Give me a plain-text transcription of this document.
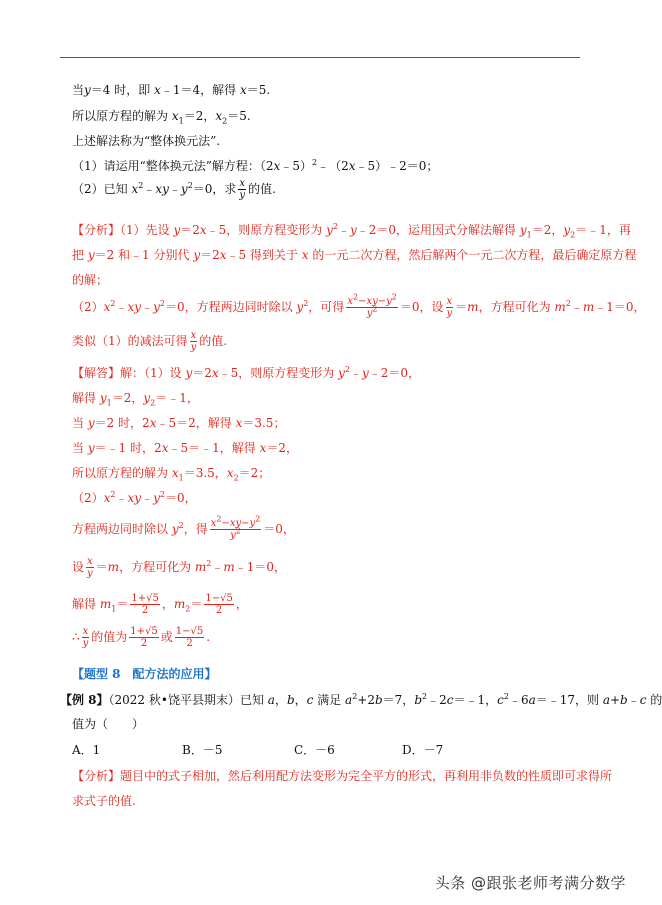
当y＝4 时，即 x﹣1＝4，解得 x＝5.
所以原方程的解为 $x_1=2$，$x_2=5$.
上述解法称为“整体换元法”.
（1）请运用“整体换元法”解方程：（2x﹣5）$^2$﹣（2x﹣5）﹣2＝0；
（2）已知 $x^2﹣xy﹣y^2=0$，求 $\frac{x}{y}$ 的值.
【分析】（1）先设 y＝2x﹣5，则原方程变形为 $y^2﹣y﹣2=0$，运用因式分解法解得 $y_1=2$，$y_2=﹣1$，再
把 y＝2 和﹣1 分别代 y＝2x﹣5 得到关于 x 的一元二次方程，然后解两个一元二次方程，最后确定原方程
的解；
$(2)x^2﹣xy﹣y^2=0$，方程两边同时除以 $y^2$，可得 $\frac{x^2-xy-y^2}{y^2} =0$，设 $\frac{x}{y} =m$，方程可化为 $m^2﹣m﹣1=0$，
类似（1）的减法可得 $\frac{x}{y}$ 的值.
【解答】解：（1）设 y＝2x﹣5，则原方程变形为 $y^2﹣y﹣2=0$，
解得 $y_1=2$，$y_2=﹣1$，
当 y＝2 时，2x﹣5＝2，解得 x＝3.5；
当 y＝﹣1 时，2x﹣5＝﹣1，解得 x＝2，
所以原方程的解为 $x_1=3.5$，$x_2=2$；
$(2)x^2﹣xy﹣y^2=0$，
方程两边同时除以 $y^2$，得 $\frac{x^2-xy-y^2}{y^2} =0$，
设 $\frac{x}{y} =m$，方程可化为 $m^2﹣m﹣1=0$，
解得 $m_1= \frac{1+√5}{2}$ ，$m_2= \frac{1-√5}{2}$ ，
∴ $\frac{x}{y}$ 的值为 $\frac{1+√5}{2}$ 或 $\frac{1-√5}{2}$ .
【题型 8　配方法的应用】
【例 8】（2022 秋•饶平县期末）已知 a，b，c 满足 $a^2+2b=7$，$b^2﹣2c=﹣1$，$c^2﹣6a=﹣17$，则 a+b﹣c 的
值为（　　）
A．1	B．－5	C．－6	D．－7
【分析】题目中的式子相加，然后利用配方法变形为完全平方的形式，再利用非负数的性质即可求得所
求式子的值.
头条 @跟张老师考满分数学
